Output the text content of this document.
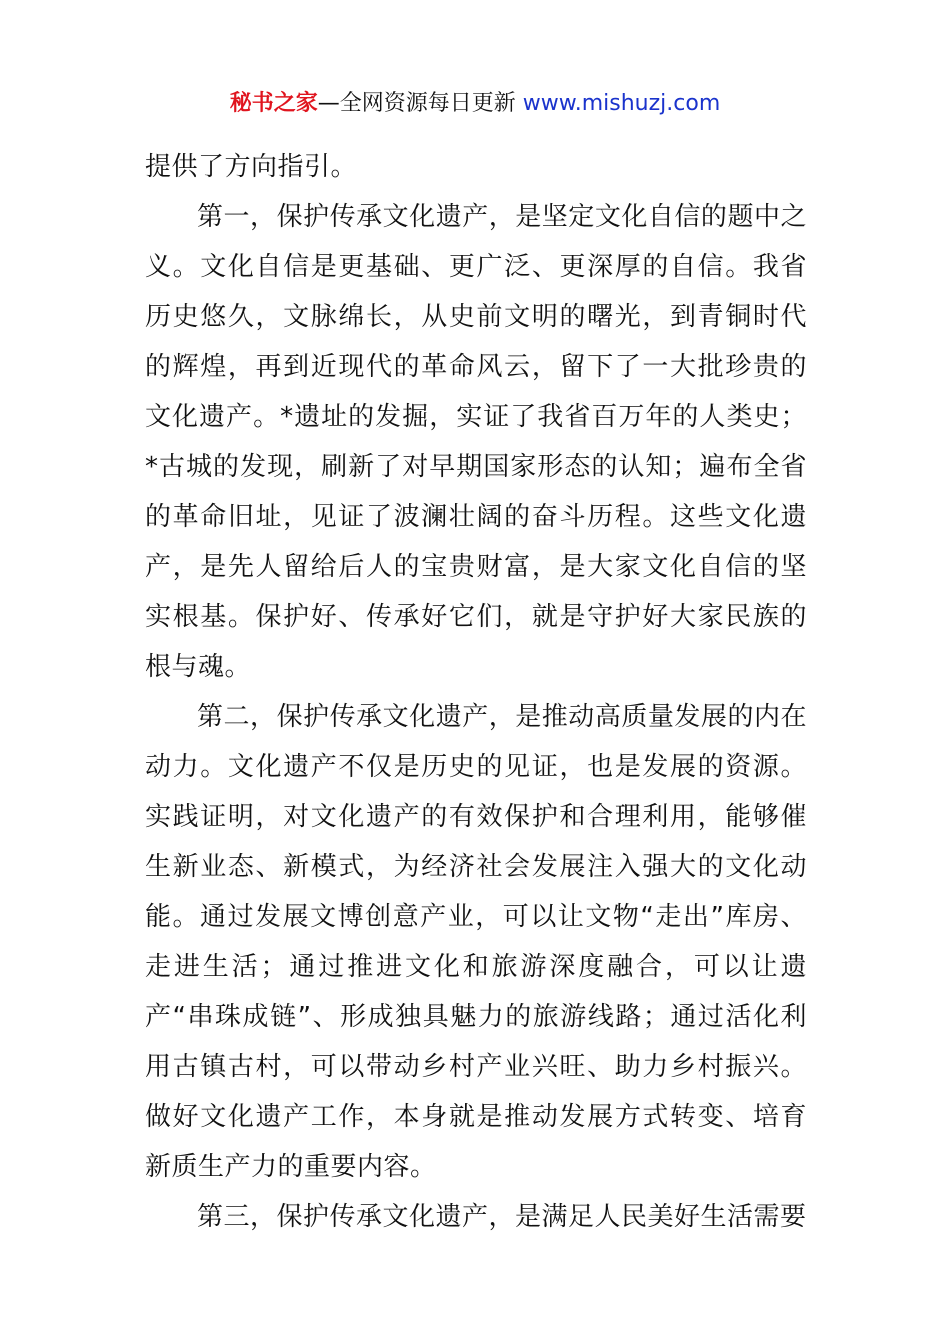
秘书之家—全网资源每日更新 www.mishuzj.com

提供了方向指引。

第一，保护传承文化遗产，是坚定文化自信的题中之义。文化自信是更基础、更广泛、更深厚的自信。我省历史悠久，文脉绵长，从史前文明的曙光，到青铜时代的辉煌，再到近现代的革命风云，留下了一大批珍贵的文化遗产。*遗址的发掘，实证了我省百万年的人类史；*古城的发现，刷新了对早期国家形态的认知；遍布全省的革命旧址，见证了波澜壮阔的奋斗历程。这些文化遗产，是先人留给后人的宝贵财富，是大家文化自信的坚实根基。保护好、传承好它们，就是守护好大家民族的根与魂。

第二，保护传承文化遗产，是推动高质量发展的内在动力。文化遗产不仅是历史的见证，也是发展的资源。实践证明，对文化遗产的有效保护和合理利用，能够催生新业态、新模式，为经济社会发展注入强大的文化动能。通过发展文博创意产业，可以让文物“走出”库房、走进生活；通过推进文化和旅游深度融合，可以让遗产“串珠成链”、形成独具魅力的旅游线路；通过活化利用古镇古村，可以带动乡村产业兴旺、助力乡村振兴。做好文化遗产工作，本身就是推动发展方式转变、培育新质生产力的重要内容。

第三，保护传承文化遗产，是满足人民美好生活需要
